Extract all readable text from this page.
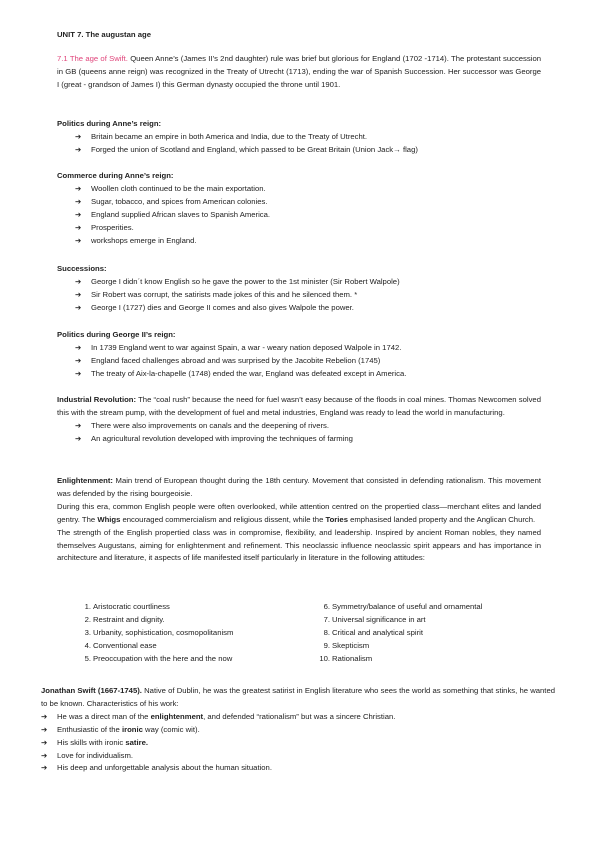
UNIT 7. The augustan age

7.1 The age of Swift. Queen Anne’s (James II’s 2nd daughter) rule was brief but glorious for England (1702 -1714). The protestant succession in GB (queens anne reign) was recognized in the Treaty of Utrecht (1713), ending the war of Spanish Succession. Her successor was George I (great - grandson of James I) this German dynasty occupied the throne until 1901.

Politics during Anne’s reign:

➔ Britain became an empire in both America and India, due to the Treaty of Utrecht.
➔ Forged the union of Scotland and England, which passed to be Great Britain (Union Jack→ flag)

Commerce during Anne’s reign:

➔ Woollen cloth continued to be the main exportation.
➔ Sugar, tobacco, and spices from American colonies.
➔ England supplied African slaves to Spanish America.
➔ Prosperities.
➔ workshops emerge in England.

Successions:

➔ George I didn´t know English so he gave the power to the 1st minister (Sir Robert Walpole)
➔ Sir Robert was corrupt, the satirists made jokes of this and he silenced them. *
➔ George I (1727) dies and George II comes and also gives Walpole the power.

Politics during George II’s reign:

➔ In 1739 England went to war against Spain, a war - weary nation deposed Walpole in 1742.
➔ England faced challenges abroad and was surprised by the Jacobite Rebelion (1745)
➔ The treaty of Aix-la-chapelle (1748) ended the war, England was defeated except in America.

Industrial Revolution: The “coal rush” because the need for fuel wasn’t easy because of the floods in coal mines. Thomas Newcomen solved this with the stream pump, with the development of fuel and metal industries, England was ready to lead the world in manufacturing.

➔ There were also improvements on canals and the deepening of rivers.
➔ An agricultural revolution developed with improving the techniques of farming

Enlightenment: Main trend of European thought during the 18th century. Movement that consisted in defending rationalism. This movement was defended by the rising bourgeoisie.

During this era, common English people were often overlooked, while attention centred on the propertied class—merchant elites and landed gentry. The Whigs encouraged commercialism and religious dissent, while the Tories emphasised landed property and the Anglican Church.

The strength of the English propertied class was in compromise, flexibility, and leadership. Inspired by ancient Roman nobles, they named themselves Augustans, aiming for enlightenment and refinement. This neoclassic influence neoclassic spirit appears and has importance in architecture and literature, it aspects of life manifested itself particularly in literature in the following attitudes:

1. Aristocratic courtliness
2. Restraint and dignity.
3. Urbanity, sophistication, cosmopolitanism
4. Conventional ease
5. Preoccupation with the here and the now
6. Symmetry/balance of useful and ornamental
7. Universal significance in art
8. Critical and analytical spirit
9. Skepticism
10. Rationalism

Jonathan Swift (1667-1745). Native of Dublin, he was the greatest satirist in English literature who sees the world as something that stinks, he wanted to be known. Characteristics of his work:

➔ He was a direct man of the enlightenment, and defended “rationalism” but was a sincere Christian.
➔ Enthusiastic of the ironic way (comic wit).
➔ His skills with ironic satire.
➔ Love for individualism.
➔ His deep and unforgettable analysis about the human situation.
